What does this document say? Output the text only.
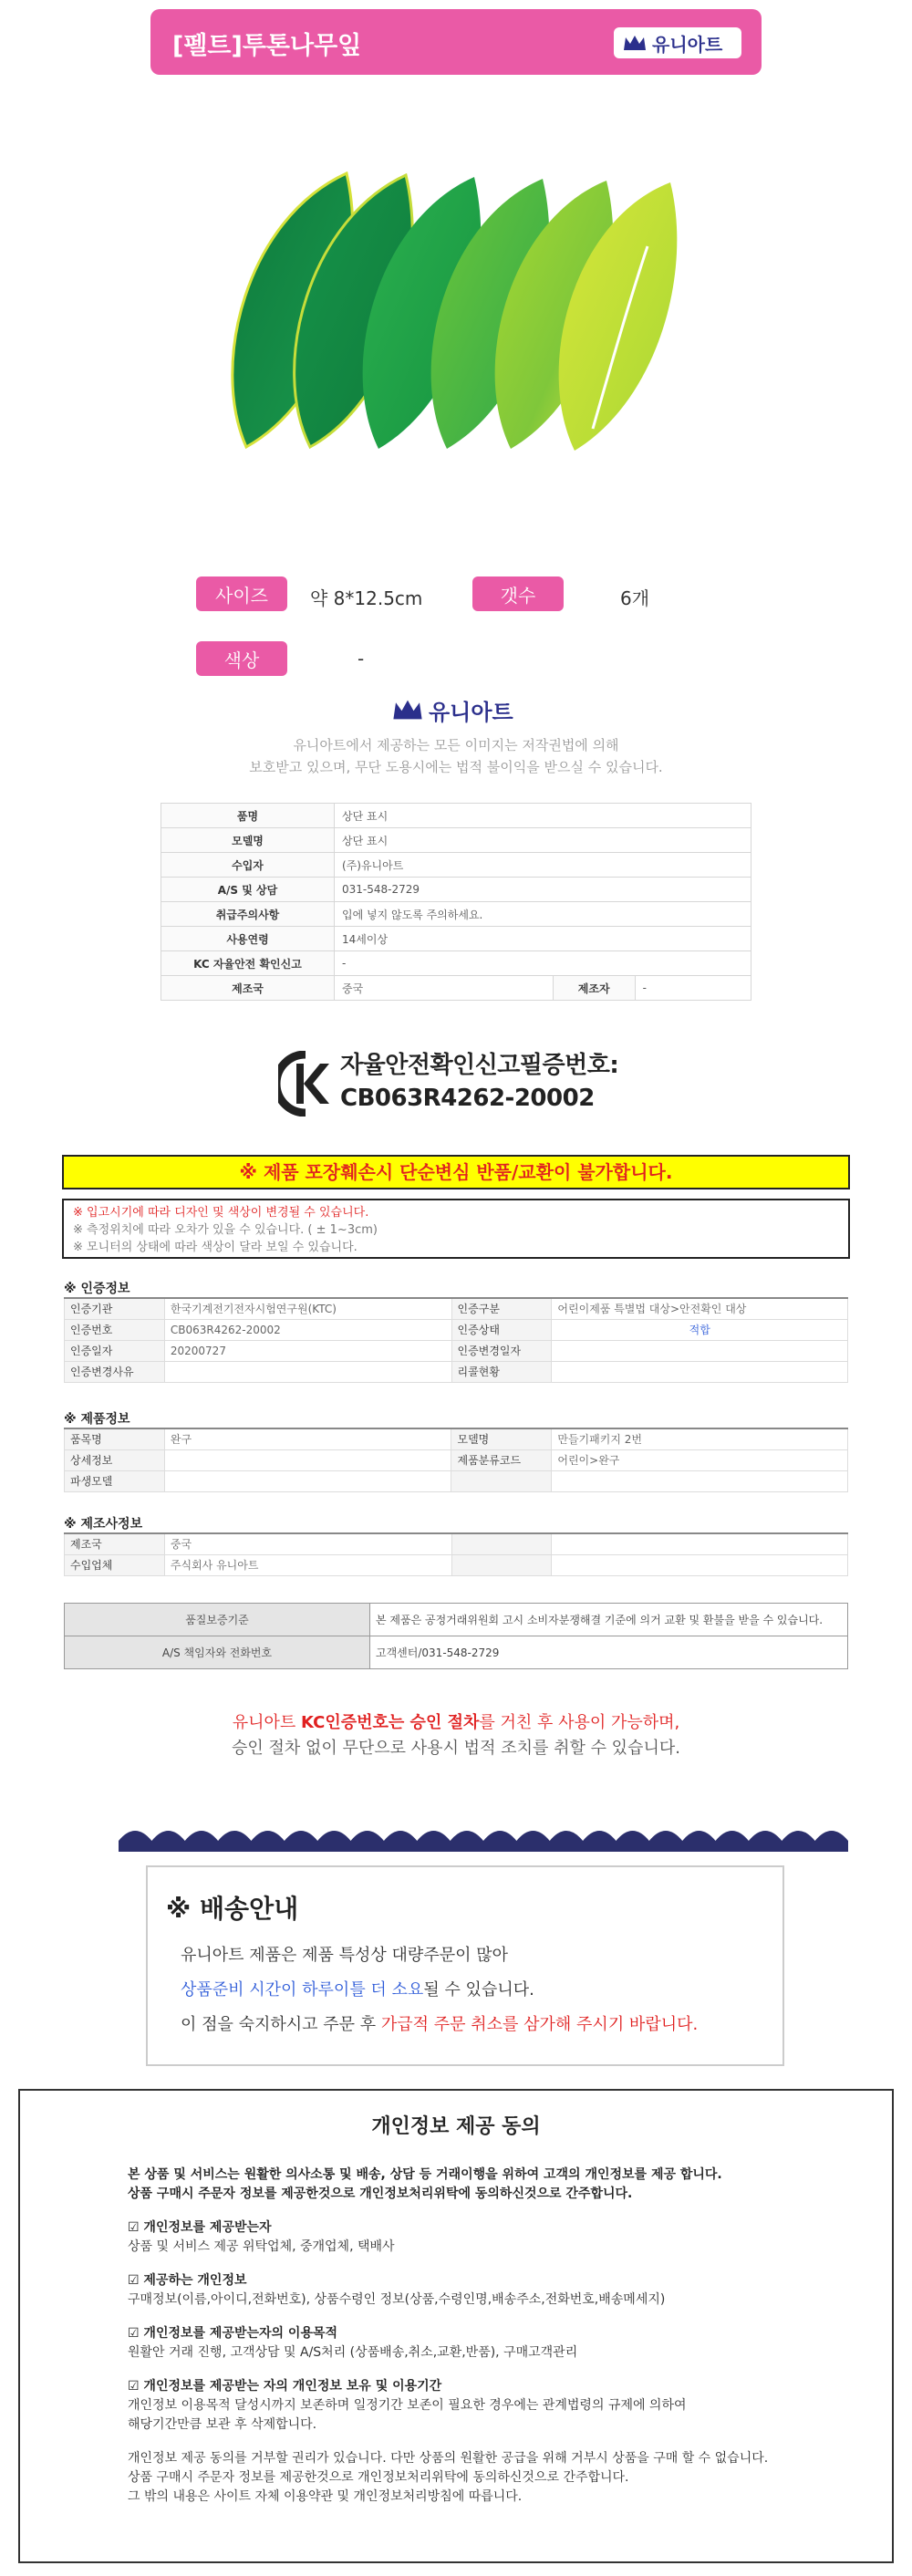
[펠트]투톤나무잎	유니아트
사이즈	약 8*12.5cm	갯수	6개
색상	-
유니아트
유니아트에서 제공하는 모든 이미지는 저작권법에 의해
보호받고 있으며, 무단 도용시에는 법적 불이익을 받으실 수 있습니다.
품명	상단 표시		
모델명	상단 표시		
수입자	(주)유니아트		
A/S 및 상담	031-548-2729		
취급주의사항	입에 넣지 않도록 주의하세요.		
사용연령	14세이상		
KC 자율안전 확인신고	-		
제조국	중국	제조자	-
자율안전확인신고필증번호:
CB063R4262-20002
※ 제품 포장훼손시 단순변심 반품/교환이 불가합니다.
※ 입고시기에 따라 디자인 및 색상이 변경될 수 있습니다.
※ 측정위치에 따라 오차가 있을 수 있습니다. ( ± 1~3cm)
※ 모니터의 상태에 따라 색상이 달라 보일 수 있습니다.
※ 인증정보
인증기관	한국기계전기전자시험연구원(KTC)	인증구분	어린이제품 특별법 대상>안전확인 대상
인증번호	CB063R4262-20002	인증상태	적합
인증일자	20200727	인증변경일자	
인증변경사유		리콜현황	
※ 제품정보
품목명	완구	모델명	만들기패키지 2번
상세정보		제품분류코드	어린이>완구
파생모델			
※ 제조사정보
제조국	중국		
수입업체	주식회사 유니아트		
품질보증기준	본 제품은 공정거래위원회 고시 소비자분쟁해결 기준에 의거 교환 및 환불을 받을 수 있습니다.
A/S 책임자와 전화번호	고객센터/031-548-2729
유니아트 KC인증번호는 승인 절차를 거친 후 사용이 가능하며,
승인 절차 없이 무단으로 사용시 법적 조치를 취할 수 있습니다.
※ 배송안내
유니아트 제품은 제품 특성상 대량주문이 많아
상품준비 시간이 하루이틀 더 소요될 수 있습니다.
이 점을 숙지하시고 주문 후 가급적 주문 취소를 삼가해 주시기 바랍니다.
개인정보 제공 동의

본 상품 및 서비스는 원활한 의사소통 및 배송, 상담 등 거래이행을 위하여 고객의 개인정보를 제공 합니다.
상품 구매시 주문자 정보를 제공한것으로 개인정보처리위탁에 동의하신것으로 간주합니다.

☑ 개인정보를 제공받는자
상품 및 서비스 제공 위탁업체, 중개업체, 택배사

☑ 제공하는 개인정보
구매정보(이름,아이디,전화번호), 상품수령인 정보(상품,수령인명,배송주소,전화번호,배송메세지)

☑ 개인정보를 제공받는자의 이용목적
원활안 거래 진행, 고객상담 및 A/S처리 (상품배송,취소,교환,반품), 구매고객관리

☑ 개인정보를 제공받는 자의 개인정보 보유 및 이용기간
개인정보 이용목적 달성시까지 보존하며 일정기간 보존이 필요한 경우에는 관계법령의 규제에 의하여
해당기간만큼 보관 후 삭제합니다.

개인정보 제공 동의를 거부할 권리가 있습니다. 다만 상품의 원활한 공급을 위해 거부시 상품을 구매 할 수 없습니다.
상품 구매시 주문자 정보를 제공한것으로 개인정보처리위탁에 동의하신것으로 간주합니다.
그 밖의 내용은 사이트 자체 이용약관 및 개인정보처리방침에 따릅니다.
